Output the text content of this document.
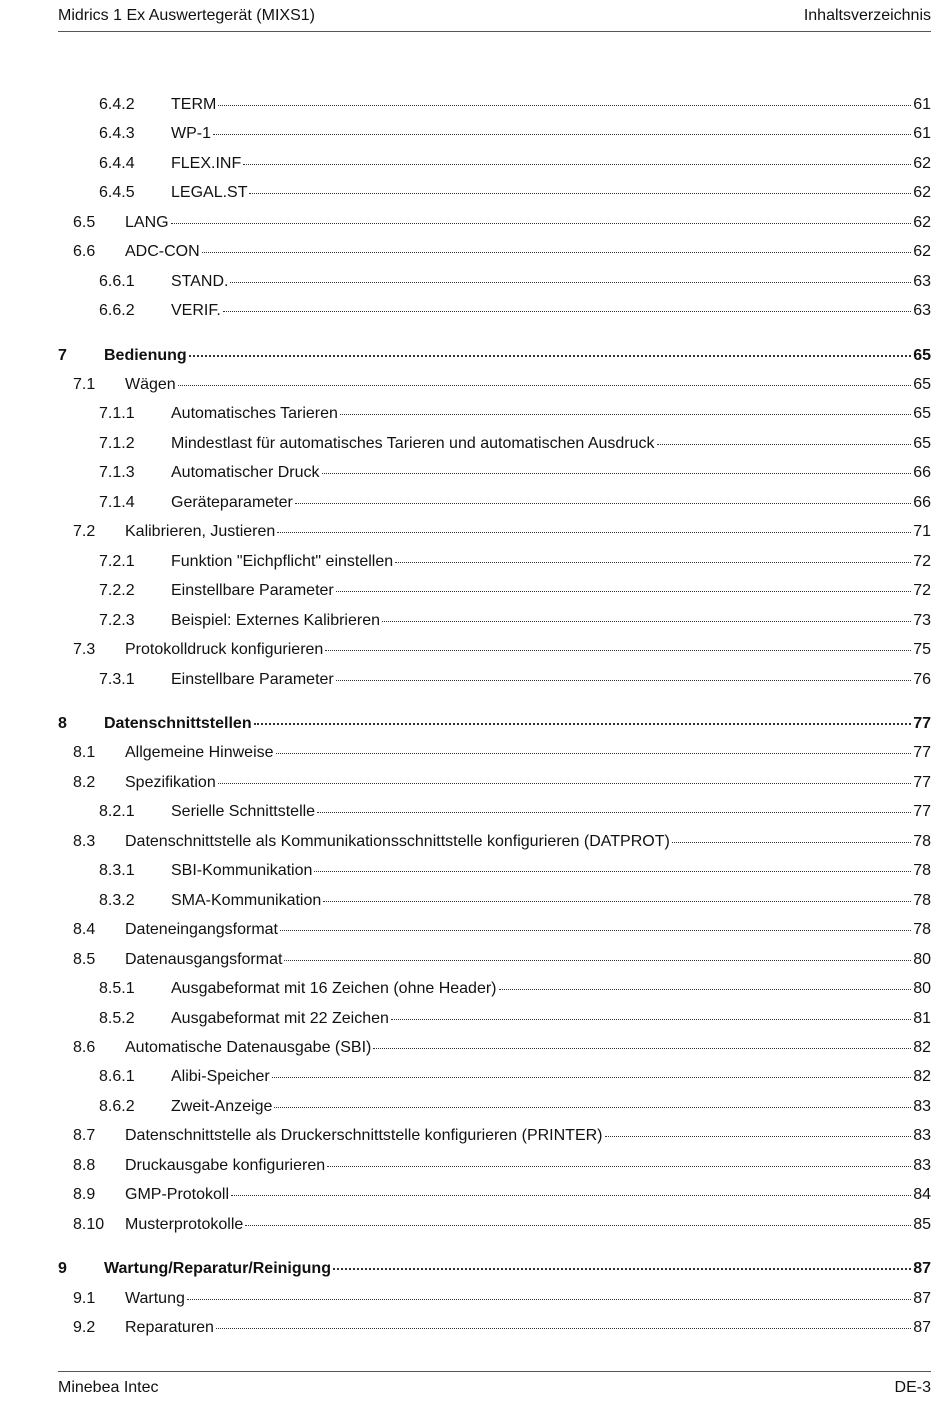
Midrics 1 Ex Auswertegerät (MIXS1)	Inhaltsverzeichnis
6.4.2	TERM	61
6.4.3	WP-1	61
6.4.4	FLEX.INF	62
6.4.5	LEGAL.ST	62
6.5	LANG	62
6.6	ADC-CON	62
6.6.1	STAND.	63
6.6.2	VERIF.	63
7	Bedienung	65
7.1	Wägen	65
7.1.1	Automatisches Tarieren	65
7.1.2	Mindestlast für automatisches Tarieren und automatischen Ausdruck	65
7.1.3	Automatischer Druck	66
7.1.4	Geräteparameter	66
7.2	Kalibrieren, Justieren	71
7.2.1	Funktion "Eichpflicht" einstellen	72
7.2.2	Einstellbare Parameter	72
7.2.3	Beispiel: Externes Kalibrieren	73
7.3	Protokolldruck konfigurieren	75
7.3.1	Einstellbare Parameter	76
8	Datenschnittstellen	77
8.1	Allgemeine Hinweise	77
8.2	Spezifikation	77
8.2.1	Serielle Schnittstelle	77
8.3	Datenschnittstelle als Kommunikationsschnittstelle konfigurieren (DATPROT)	78
8.3.1	SBI-Kommunikation	78
8.3.2	SMA-Kommunikation	78
8.4	Dateneingangsformat	78
8.5	Datenausgangsformat	80
8.5.1	Ausgabeformat mit 16 Zeichen (ohne Header)	80
8.5.2	Ausgabeformat mit 22 Zeichen	81
8.6	Automatische Datenausgabe (SBI)	82
8.6.1	Alibi-Speicher	82
8.6.2	Zweit-Anzeige	83
8.7	Datenschnittstelle als Druckerschnittstelle konfigurieren (PRINTER)	83
8.8	Druckausgabe konfigurieren	83
8.9	GMP-Protokoll	84
8.10	Musterprotokolle	85
9	Wartung/Reparatur/Reinigung	87
9.1	Wartung	87
9.2	Reparaturen	87
Minebea Intec	DE-3
